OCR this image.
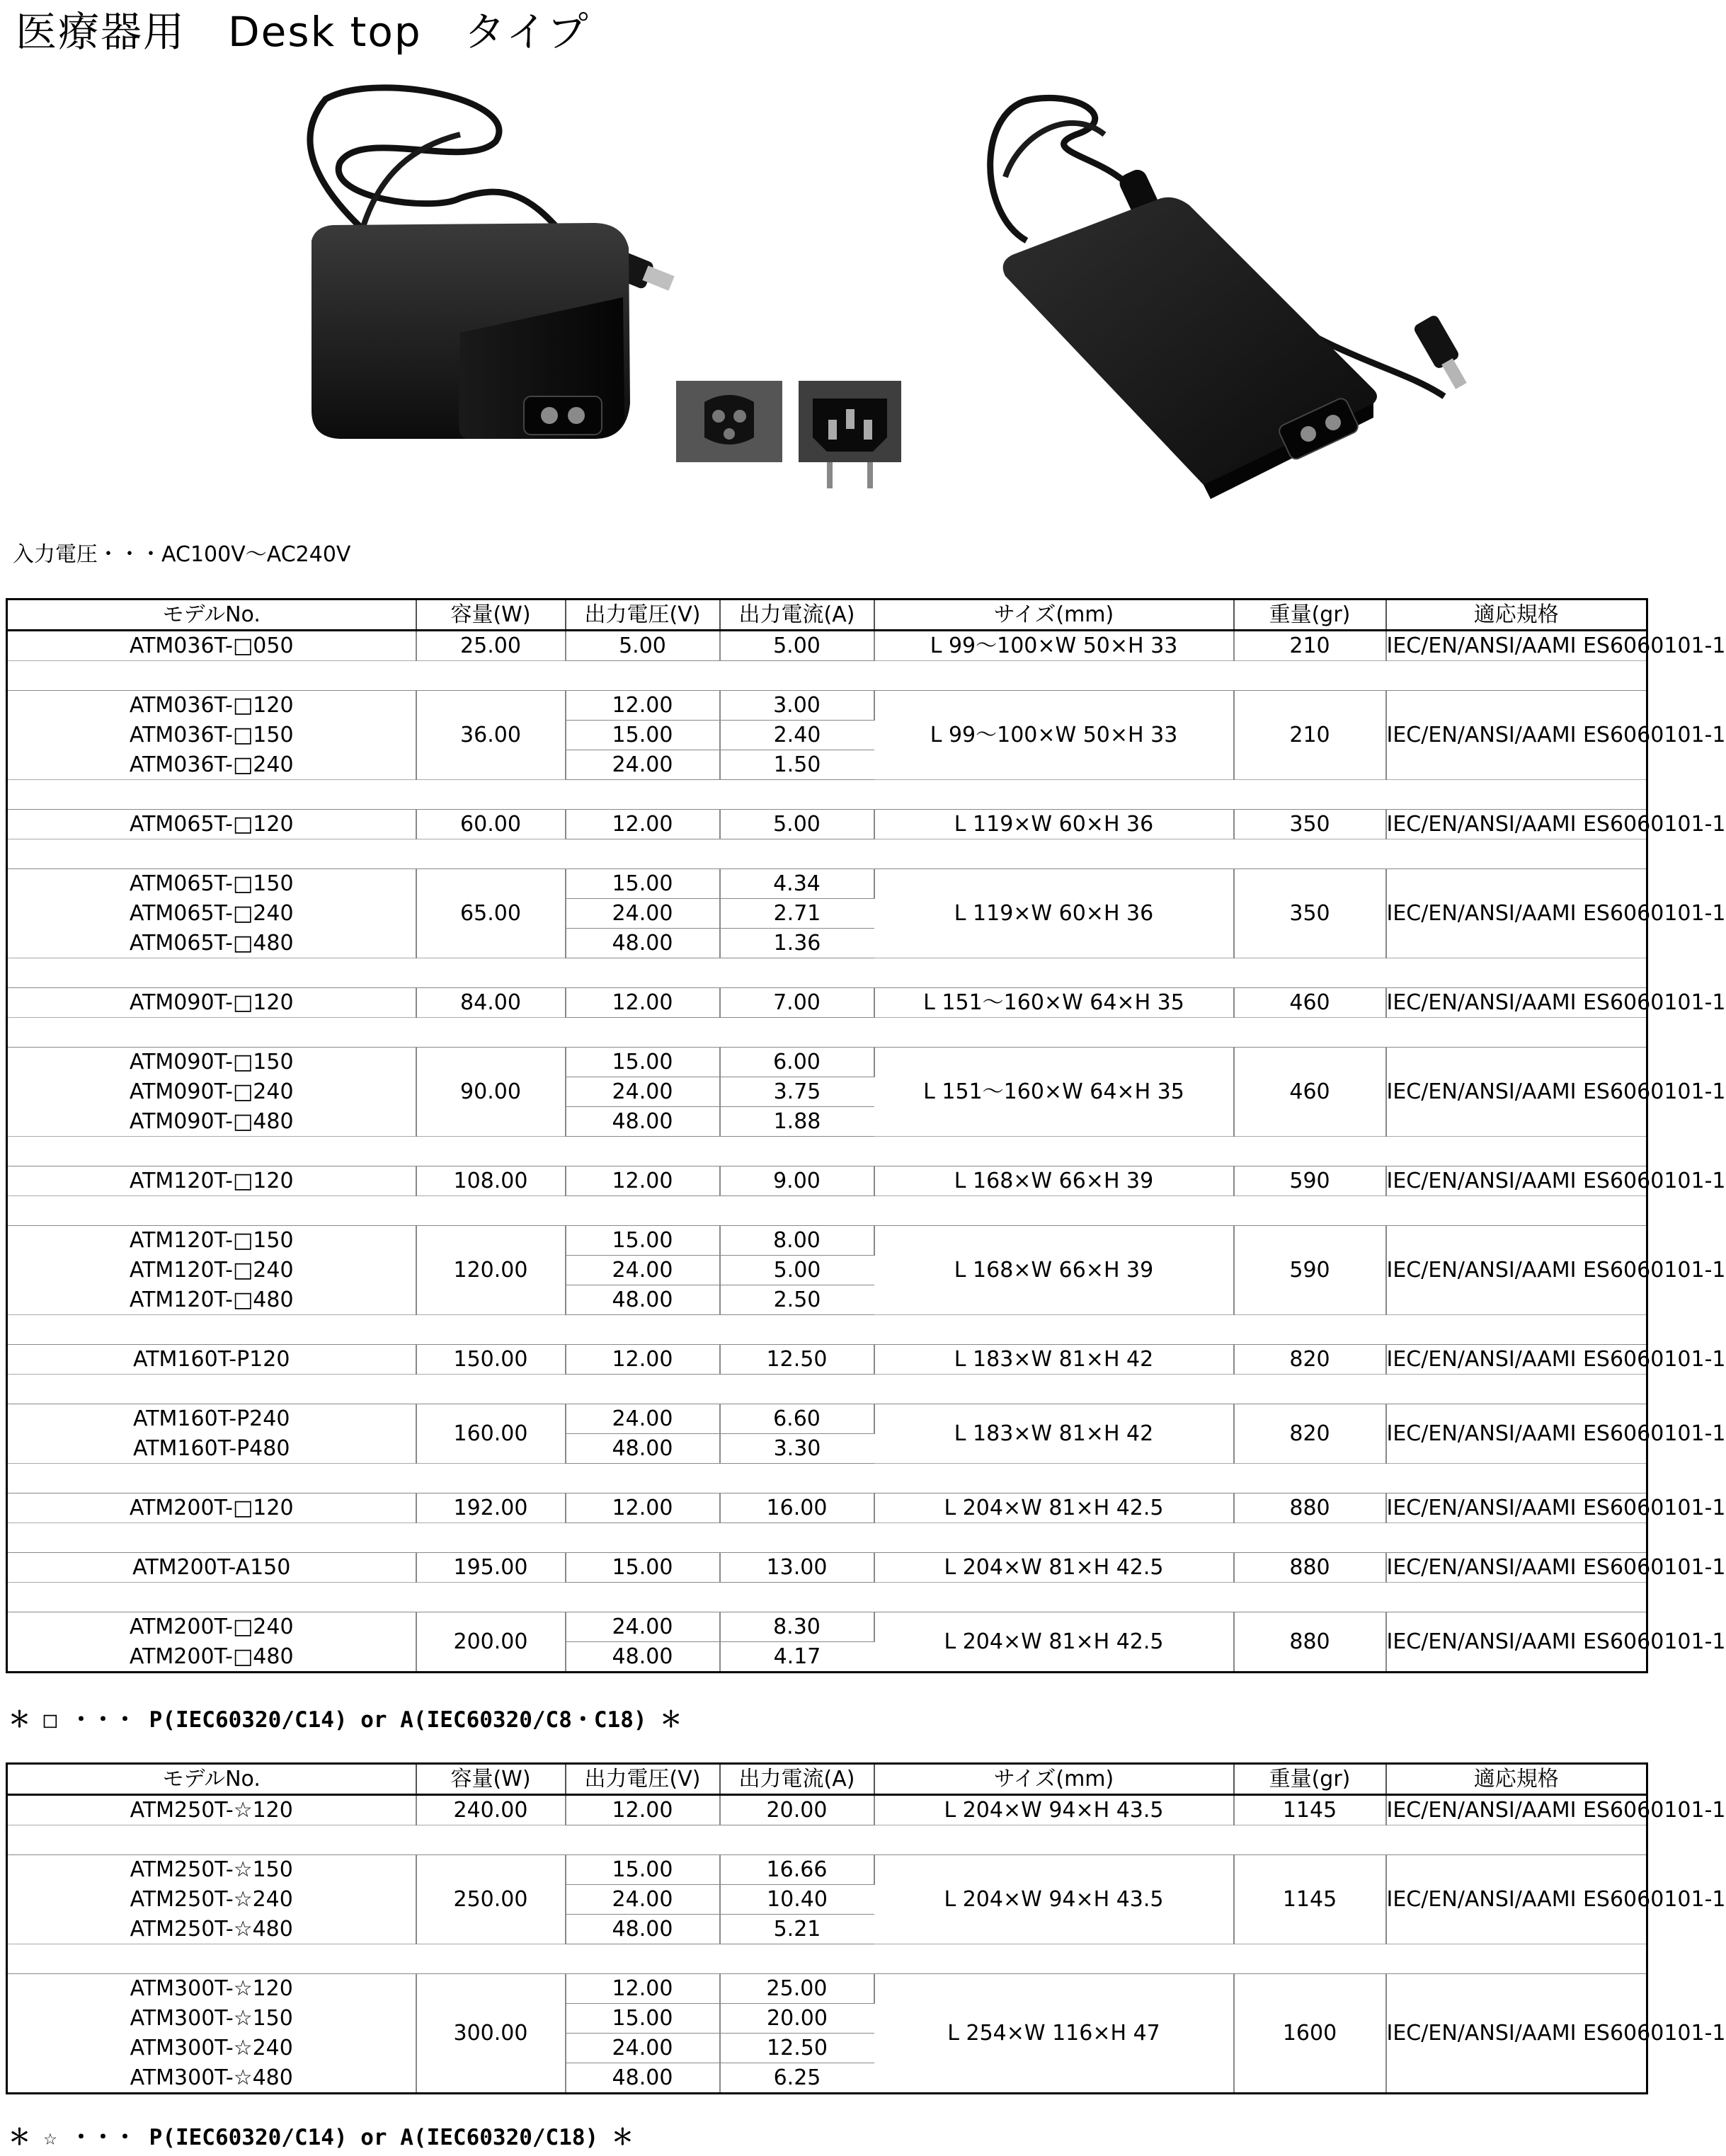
医療器用　Desk top　タイプ
入力電圧・・・AC100V～AC240V
モデルNo.	容量(W)	出力電圧(V)	出力電流(A)	サイズ(mm)	重量(gr)	適応規格
ATM036T-□050	25.00	5.00	5.00	L 99～100×W 50×H 33	210	IEC/EN/ANSI/AAMI ES6060101-1

ATM036T-□120	36.00	12.00	3.00	L 99～100×W 50×H 33	210	IEC/EN/ANSI/AAMI ES6060101-1
ATM036T-□150		15.00	2.40			
ATM036T-□240		24.00	1.50			

ATM065T-□120	60.00	12.00	5.00	L 119×W 60×H 36	350	IEC/EN/ANSI/AAMI ES6060101-1

ATM065T-□150	65.00	15.00	4.34	L 119×W 60×H 36	350	IEC/EN/ANSI/AAMI ES6060101-1
ATM065T-□240		24.00	2.71			
ATM065T-□480		48.00	1.36			

ATM090T-□120	84.00	12.00	7.00	L 151～160×W 64×H 35	460	IEC/EN/ANSI/AAMI ES6060101-1

ATM090T-□150	90.00	15.00	6.00	L 151～160×W 64×H 35	460	IEC/EN/ANSI/AAMI ES6060101-1
ATM090T-□240		24.00	3.75			
ATM090T-□480		48.00	1.88			

ATM120T-□120	108.00	12.00	9.00	L 168×W 66×H 39	590	IEC/EN/ANSI/AAMI ES6060101-1

ATM120T-□150	120.00	15.00	8.00	L 168×W 66×H 39	590	IEC/EN/ANSI/AAMI ES6060101-1
ATM120T-□240		24.00	5.00			
ATM120T-□480		48.00	2.50			

ATM160T-P120	150.00	12.00	12.50	L 183×W 81×H 42	820	IEC/EN/ANSI/AAMI ES6060101-1

ATM160T-P240	160.00	24.00	6.60	L 183×W 81×H 42	820	IEC/EN/ANSI/AAMI ES6060101-1
ATM160T-P480		48.00	3.30			

ATM200T-□120	192.00	12.00	16.00	L 204×W 81×H 42.5	880	IEC/EN/ANSI/AAMI ES6060101-1

ATM200T-A150	195.00	15.00	13.00	L 204×W 81×H 42.5	880	IEC/EN/ANSI/AAMI ES6060101-1

ATM200T-□240	200.00	24.00	8.30	L 204×W 81×H 42.5	880	IEC/EN/ANSI/AAMI ES6060101-1
ATM200T-□480		48.00	4.17			
＊ □ ・・・ P(IEC60320/C14) or A(IEC60320/C8・C18) ＊
モデルNo.	容量(W)	出力電圧(V)	出力電流(A)	サイズ(mm)	重量(gr)	適応規格
ATM250T-☆120	240.00	12.00	20.00	L 204×W 94×H 43.5	1145	IEC/EN/ANSI/AAMI ES6060101-1

ATM250T-☆150	250.00	15.00	16.66	L 204×W 94×H 43.5	1145	IEC/EN/ANSI/AAMI ES6060101-1
ATM250T-☆240		24.00	10.40			
ATM250T-☆480		48.00	5.21			

ATM300T-☆120	300.00	12.00	25.00	L 254×W 116×H 47	1600	IEC/EN/ANSI/AAMI ES6060101-1
ATM300T-☆150		15.00	20.00			
ATM300T-☆240		24.00	12.50			
ATM300T-☆480		48.00	6.25			
＊ ☆ ・・・ P(IEC60320/C14) or A(IEC60320/C18) ＊
